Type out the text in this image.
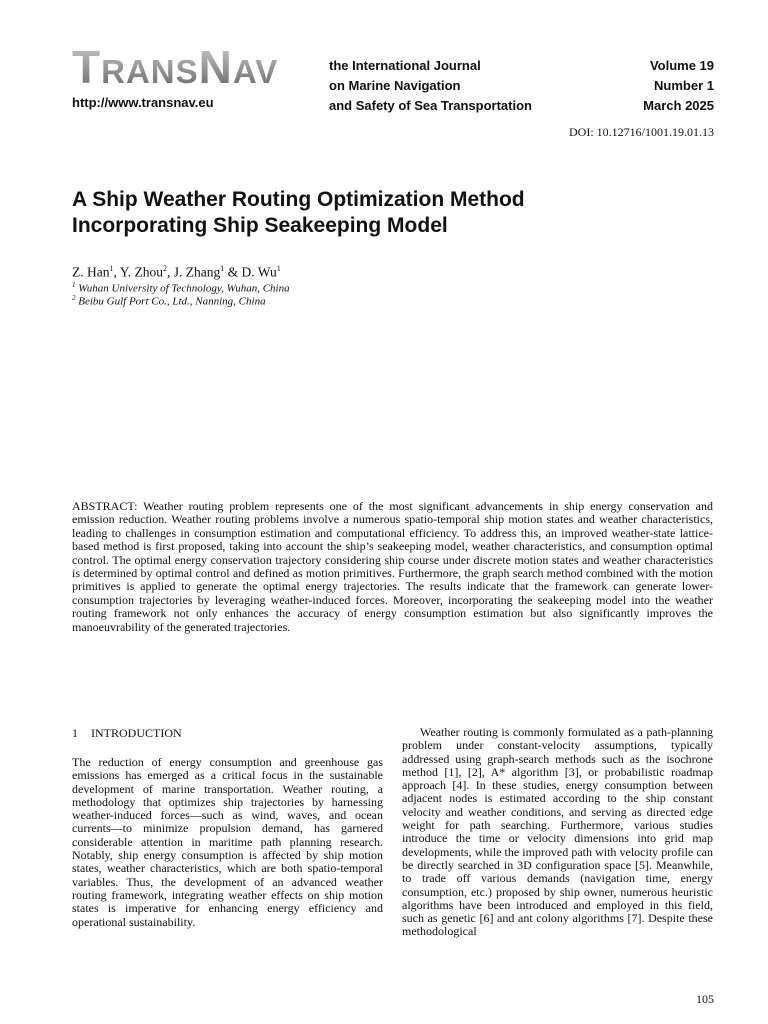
TRANSNAV
http://www.transnav.eu
the International Journal
on Marine Navigation
and Safety of Sea Transportation
Volume 19
Number 1
March 2025
DOI: 10.12716/1001.19.01.13
A Ship Weather Routing Optimization Method
Incorporating Ship Seakeeping Model
Z. Han$^1$, Y. Zhou$^2$, J. Zhang$^1$ & D. Wu$^1$
$^1$ Wuhan University of Technology, Wuhan, China
$^2$ Beibu Gulf Port Co., Ltd., Nanning, China
ABSTRACT: Weather routing problem represents one of the most significant advancements in ship energy conservation and emission reduction. Weather routing problems involve a numerous spatio-temporal ship motion states and weather characteristics, leading to challenges in consumption estimation and computational efficiency. To address this, an improved weather-state lattice-based method is first proposed, taking into account the ship’s seakeeping model, weather characteristics, and consumption optimal control. The optimal energy conservation trajectory considering ship course under discrete motion states and weather characteristics is determined by optimal control and defined as motion primitives. Furthermore, the graph search method combined with the motion primitives is applied to generate the optimal energy trajectories. The results indicate that the framework can generate lower-consumption trajectories by leveraging weather-induced forces. Moreover, incorporating the seakeeping model into the weather routing framework not only enhances the accuracy of energy consumption estimation but also significantly improves the manoeuvrability of the generated trajectories.
1 INTRODUCTION
The reduction of energy consumption and greenhouse gas emissions has emerged as a critical focus in the sustainable development of marine transportation. Weather routing, a methodology that optimizes ship trajectories by harnessing weather-induced forces—such as wind, waves, and ocean currents—to minimize propulsion demand, has garnered considerable attention in maritime path planning research. Notably, ship energy consumption is affected by ship motion states, weather characteristics, which are both spatio-temporal variables. Thus, the development of an advanced weather routing framework, integrating weather effects on ship motion states is imperative for enhancing energy efficiency and operational sustainability.
Weather routing is commonly formulated as a path-planning problem under constant-velocity assumptions, typically addressed using graph-search methods such as the isochrone method [1], [2], A* algorithm [3], or probabilistic roadmap approach [4]. In these studies, energy consumption between adjacent nodes is estimated according to the ship constant velocity and weather conditions, and serving as directed edge weight for path searching. Furthermore, various studies introduce the time or velocity dimensions into grid map developments, while the improved path with velocity profile can be directly searched in 3D configuration space [5]. Meanwhile, to trade off various demands (navigation time, energy consumption, etc.) proposed by ship owner, numerous heuristic algorithms have been introduced and employed in this field, such as genetic [6] and ant colony algorithms [7]. Despite these methodological
105
